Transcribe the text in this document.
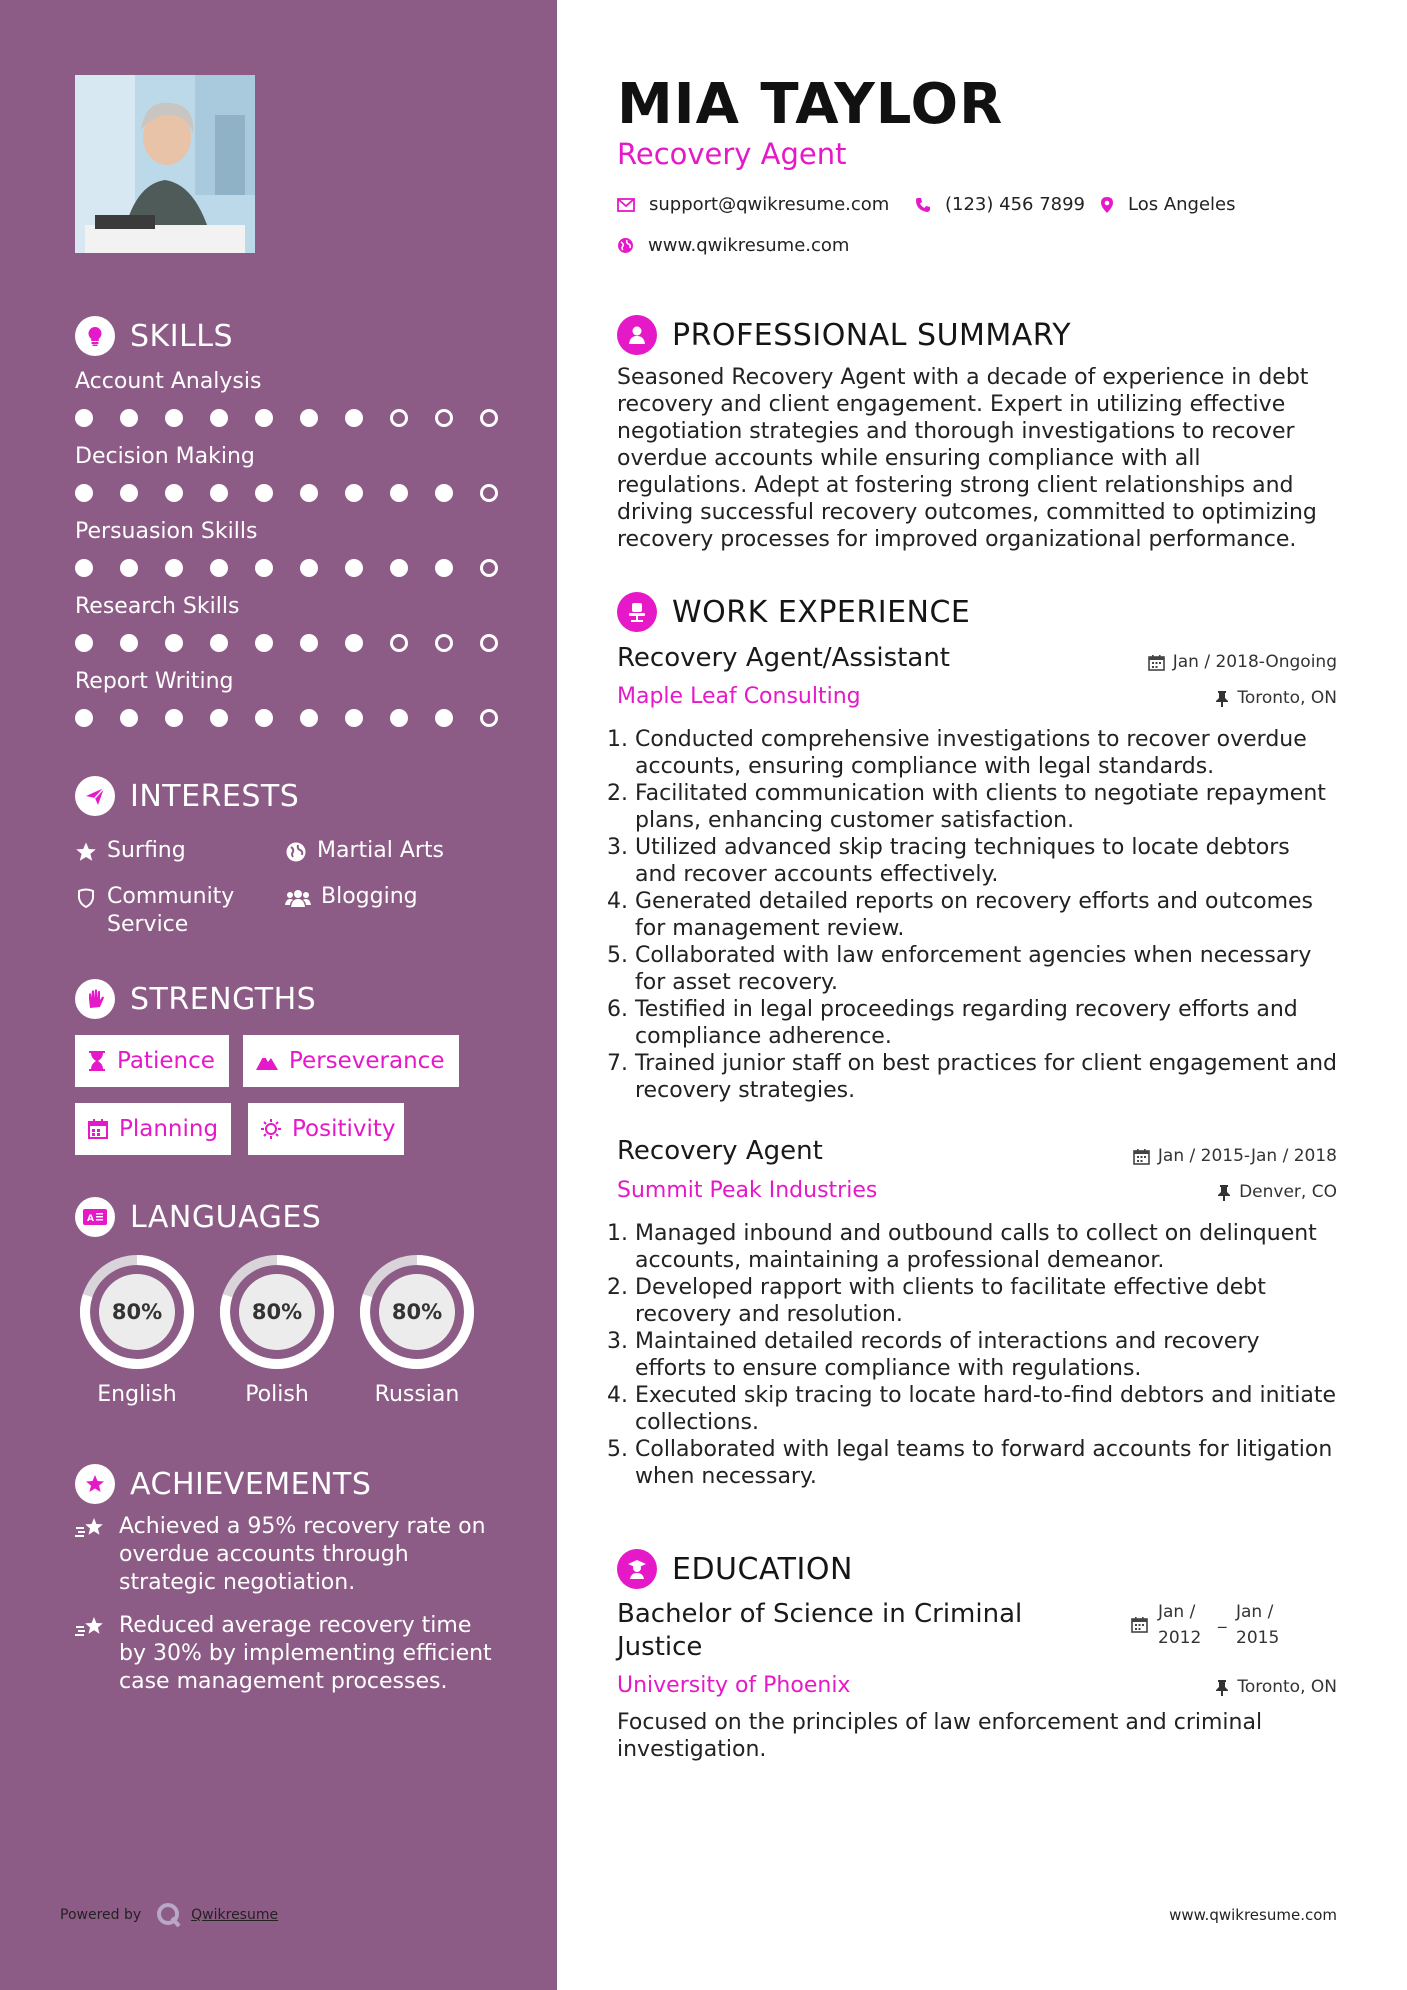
SKILLS
Account Analysis
Decision Making
Persuasion Skills
Research Skills
Report Writing
INTERESTS
Surfing	Martial Arts
Community Service
Blogging
STRENGTHS
Patience	Perseverance
Planning	Positivity
A LANGUAGES
80%
English
80%
Polish
80%
Russian
ACHIEVEMENTS
Achieved a 95% recovery rate on overdue accounts through strategic negotiation.
Reduced average recovery time by 30% by implementing efficient case management processes.
Powered by	Qwikresume
MIA TAYLOR
Recovery Agent
support@qwikresume.com	(123) 456 7899 Los Angeles
www.qwikresume.com
PROFESSIONAL SUMMARY
Seasoned Recovery Agent with a decade of experience in debt recovery and client engagement. Expert in utilizing effective negotiation strategies and thorough investigations to recover overdue accounts while ensuring compliance with all regulations. Adept at fostering strong client relationships and driving successful recovery outcomes, committed to optimizing recovery processes for improved organizational performance.
WORK EXPERIENCE
Recovery Agent/Assistant	Jan / 2018-Ongoing
Maple Leaf Consulting	Toronto, ON
1. Conducted comprehensive investigations to recover overdue accounts, ensuring compliance with legal standards.
2. Facilitated communication with clients to negotiate repayment plans, enhancing customer satisfaction.
3. Utilized advanced skip tracing techniques to locate debtors and recover accounts effectively.
4. Generated detailed reports on recovery efforts and outcomes for management review.
5. Collaborated with law enforcement agencies when necessary for asset recovery.
6. Testified in legal proceedings regarding recovery efforts and compliance adherence.
7. Trained junior staff on best practices for client engagement and recovery strategies.
Recovery Agent	Jan / 2015-Jan / 2018
Summit Peak Industries	Denver, CO
1. Managed inbound and outbound calls to collect on delinquent accounts, maintaining a professional demeanor.
2. Developed rapport with clients to facilitate effective debt recovery and resolution.
3. Maintained detailed records of interactions and recovery efforts to ensure compliance with regulations.
4. Executed skip tracing to locate hard-to-find debtors and initiate collections.
5. Collaborated with legal teams to forward accounts for litigation when necessary.
EDUCATION
Bachelor of Science in Criminal Justice
Jan /
2012
_ Jan /
2015
University of Phoenix	Toronto, ON
Focused on the principles of law enforcement and criminal investigation.
www.qwikresume.com
